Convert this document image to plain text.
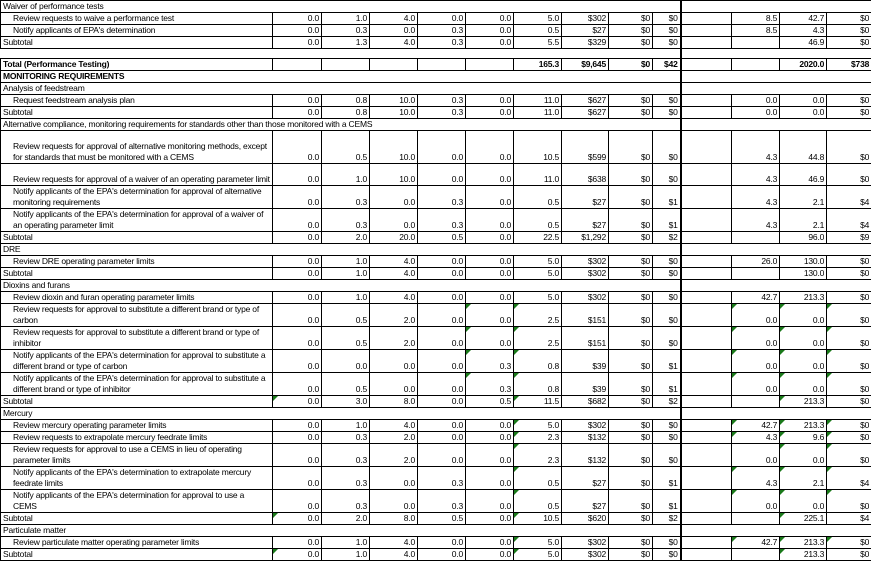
Waiver of performance tests														
Review requests to waive a performance test	0.0	1.0	4.0	0.0	0.0	5.0	$302	$0	$0		8.5	42.7	$0	
Notify applicants of EPA's determination	0.0	0.3	0.0	0.3	0.0	0.5	$27	$0	$0		8.5	4.3	$0	
Subtotal	0.0	1.3	4.0	0.3	0.0	5.5	$329	$0	$0			46.9	$0	

Total (Performance Testing)						165.3	$9,645	$0	$42			2020.0	$738	
MONITORING REQUIREMENTS														
Analysis of feedstream														
Request feedstream analysis plan	0.0	0.8	10.0	0.3	0.0	11.0	$627	$0	$0		0.0	0.0	$0	
Subtotal	0.0	0.8	10.0	0.3	0.0	11.0	$627	$0	$0		0.0	0.0	$0	
Alternative compliance, monitoring requirements for standards other than those monitored with a CEMS														
Review requests for approval of alternative monitoring methods, except for standards that must be monitored with a CEMS	0.0	0.5	10.0	0.0	0.0	10.5	$599	$0	$0		4.3	44.8	$0	
Review requests for approval of a waiver of an operating parameter limit	0.0	1.0	10.0	0.0	0.0	11.0	$638	$0	$0		4.3	46.9	$0	
Notify applicants of the EPA's determination for approval of alternative monitoring requirements	0.0	0.3	0.0	0.3	0.0	0.5	$27	$0	$1		4.3	2.1	$4	
Notify applicants of the EPA's determination for approval of a waiver of an operating parameter limit	0.0	0.3	0.0	0.3	0.0	0.5	$27	$0	$1		4.3	2.1	$4	
Subtotal	0.0	2.0	20.0	0.5	0.0	22.5	$1,292	$0	$2			96.0	$9	
DRE														
Review DRE operating parameter limits	0.0	1.0	4.0	0.0	0.0	5.0	$302	$0	$0		26.0	130.0	$0	
Subtotal	0.0	1.0	4.0	0.0	0.0	5.0	$302	$0	$0			130.0	$0	
Dioxins and furans														
Review dioxin and furan operating parameter limits	0.0	1.0	4.0	0.0	0.0	5.0	$302	$0	$0		42.7	213.3	$0	
Review requests for approval to substitute a different brand or type of carbon	0.0	0.5	2.0	0.0	0.0	2.5	$151	$0	$0		0.0	0.0	$0	
Review requests for approval to substitute a different brand or type of inhibitor	0.0	0.5	2.0	0.0	0.0	2.5	$151	$0	$0		0.0	0.0	$0	
Notify applicants of the EPA's determination for approval to substitute a different brand or type of carbon	0.0	0.0	0.0	0.0	0.3	0.8	$39	$0	$1		0.0	0.0	$0	
Notify applicants of the EPA's determination for approval to substitute a different brand or type of inhibitor	0.0	0.5	0.0	0.0	0.3	0.8	$39	$0	$1		0.0	0.0	$0	
Subtotal	0.0	3.0	8.0	0.0	0.5	11.5	$682	$0	$2			213.3	$0	
Mercury														
Review mercury operating parameter limits	0.0	1.0	4.0	0.0	0.0	5.0	$302	$0	$0		42.7	213.3	$0	
Review requests to extrapolate mercury feedrate limits	0.0	0.3	2.0	0.0	0.0	2.3	$132	$0	$0		4.3	9.6	$0	
Review requests for approval to use a CEMS in lieu of operating parameter limits	0.0	0.3	2.0	0.0	0.0	2.3	$132	$0	$0		0.0	0.0	$0	
Notify applicants of the EPA's determination to extrapolate mercury feedrate limits	0.0	0.3	0.0	0.3	0.0	0.5	$27	$0	$1		4.3	2.1	$4	
Notify applicants of the EPA's determination for approval to use a CEMS	0.0	0.3	0.0	0.3	0.0	0.5	$27	$0	$1		0.0	0.0	$0	
Subtotal	0.0	2.0	8.0	0.5	0.0	10.5	$620	$0	$2			225.1	$4	
Particulate matter														
Review particulate matter operating parameter limits	0.0	1.0	4.0	0.0	0.0	5.0	$302	$0	$0		42.7	213.3	$0	
Subtotal	0.0	1.0	4.0	0.0	0.0	5.0	$302	$0	$0			213.3	$0	
